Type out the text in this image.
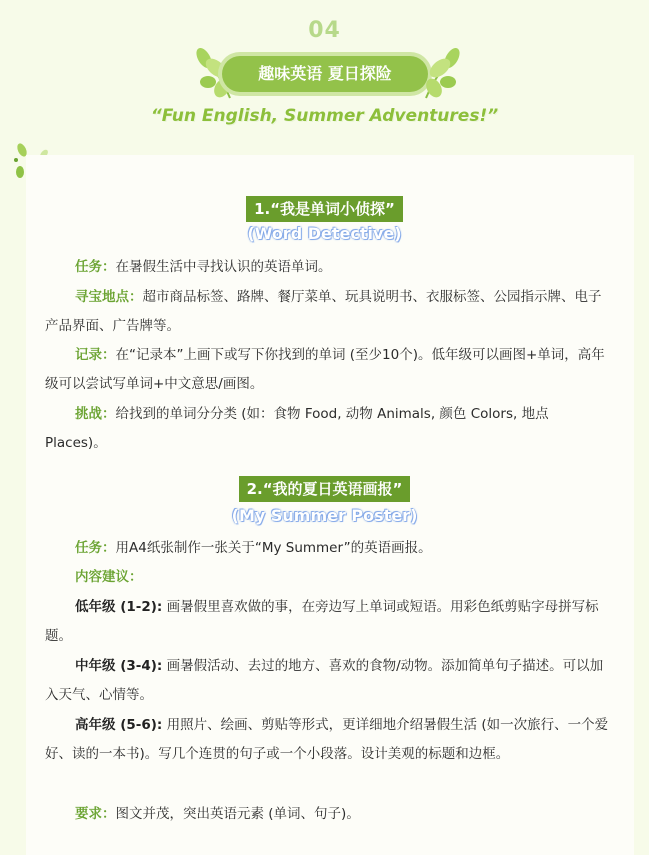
04
趣味英语 夏日探险
“Fun English, Summer Adventures!”
1.“我是单词小侦探”
(Word Detective)

任务：在暑假生活中寻找认识的英语单词。

寻宝地点：超市商品标签、路牌、餐厅菜单、玩具说明书、衣服标签、公园指示牌、电子产品界面、广告牌等。

记录：在“记录本”上画下或写下你找到的单词 (至少10个)。低年级可以画图+单词，高年级可以尝试写单词+中文意思/画图。

挑战：给找到的单词分分类 (如：食物 Food, 动物 Animals, 颜色 Colors, 地点 Places)。

2.“我的夏日英语画报”
(My Summer Poster)

任务：用A4纸张制作一张关于“My Summer”的英语画报。

内容建议：

低年级 (1-2): 画暑假里喜欢做的事，在旁边写上单词或短语。用彩色纸剪贴字母拼写标题。

中年级 (3-4): 画暑假活动、去过的地方、喜欢的食物/动物。添加简单句子描述。可以加入天气、心情等。

高年级 (5-6): 用照片、绘画、剪贴等形式，更详细地介绍暑假生活 (如一次旅行、一个爱好、读的一本书)。写几个连贯的句子或一个小段落。设计美观的标题和边框。

要求：图文并茂，突出英语元素 (单词、句子)。
